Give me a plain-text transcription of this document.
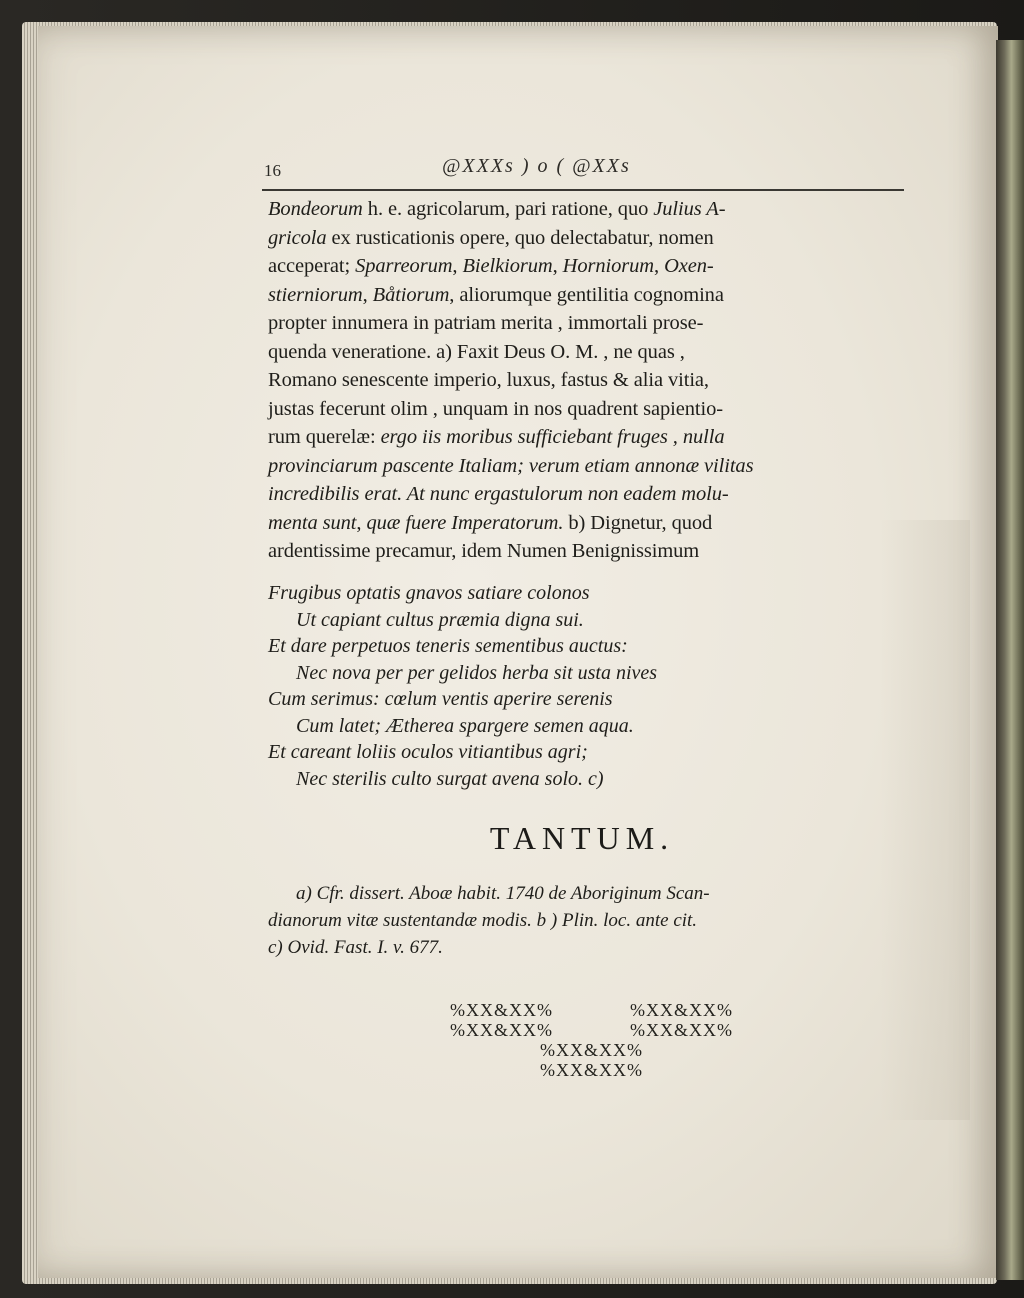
16	@XXXs ) o ( @XXs
Bondeorum h. e. agricolarum, pari ratione, quo Julius A-
gricola ex rusticationis opere, quo delectabatur, nomen
acceperat; Sparreorum, Bielkiorum, Horniorum, Oxen-
stierniorum, Båtiorum, aliorumque gentilitia cognomina
propter innumera in patriam merita , immortali prose-
quenda veneratione. a) Faxit Deus O. M. , ne quas ,
Romano senescente imperio, luxus, fastus & alia vitia,
justas fecerunt olim , unquam in nos quadrent sapientio-
rum querelæ: ergo iis moribus sufficiebant fruges , nulla
provinciarum pascente Italiam; verum etiam annonæ vilitas
incredibilis erat. At nunc ergastulorum non eadem molu-
menta sunt, quæ fuere Imperatorum. b) Dignetur, quod
ardentissime precamur, idem Numen Benignissimum
Frugibus optatis gnavos satiare colonos
Ut capiant cultus præmia digna sui.
Et dare perpetuos teneris sementibus auctus:
Nec nova per per gelidos herba sit usta nives
Cum serimus: cœlum ventis aperire serenis
Cum latet; Ætherea spargere semen aqua.
Et careant loliis oculos vitiantibus agri;
Nec sterilis culto surgat avena solo. c)
TANTUM.
a) Cfr. dissert. Aboæ habit. 1740 de Aboriginum Scan-
dianorum vitæ sustentandæ modis. b ) Plin. loc. ante cit.
c) Ovid. Fast. I. v. 677.
%XX&XX%
%XX&XX%
%XX&XX%
%XX&XX%
%XX&XX%
%XX&XX%
